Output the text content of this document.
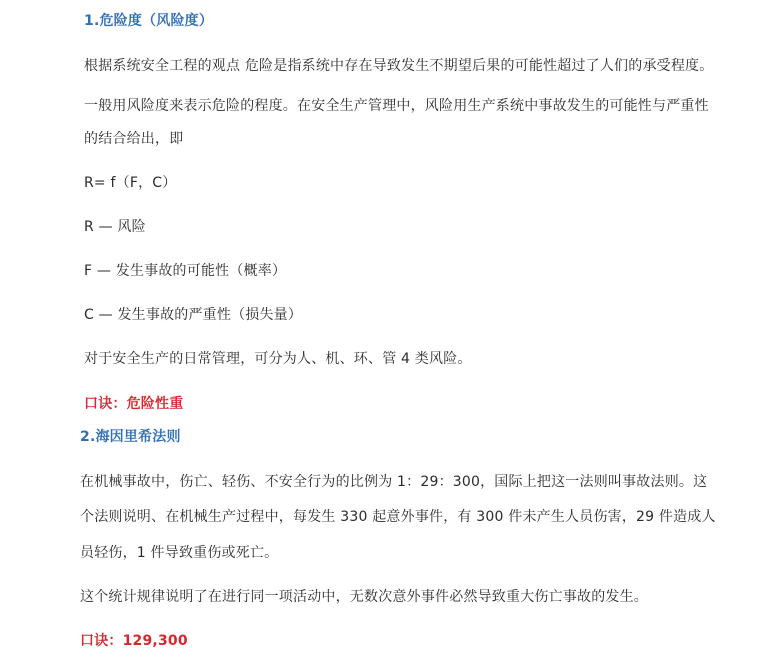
1.危险度（风险度）
根据系统安全工程的观点 危险是指系统中存在导致发生不期望后果的可能性超过了人们的承受程度。
一般用风险度来表示危险的程度。在安全生产管理中，风险用生产系统中事故发生的可能性与严重性
的结合给出，即
R= f（F，C）
R — 风险
F — 发生事故的可能性（概率）
C — 发生事故的严重性（损失量）
对于安全生产的日常管理，可分为人、机、环、管 4 类风险。
口诀：危险性重
2.海因里希法则
在机械事故中，伤亡、轻伤、不安全行为的比例为 1：29：300，国际上把这一法则叫事故法则。这
个法则说明、在机械生产过程中，每发生 330 起意外事件，有 300 件未产生人员伤害，29 件造成人
员轻伤，1 件导致重伤或死亡。
这个统计规律说明了在进行同一项活动中，无数次意外事件必然导致重大伤亡事故的发生。
口诀：129,300
